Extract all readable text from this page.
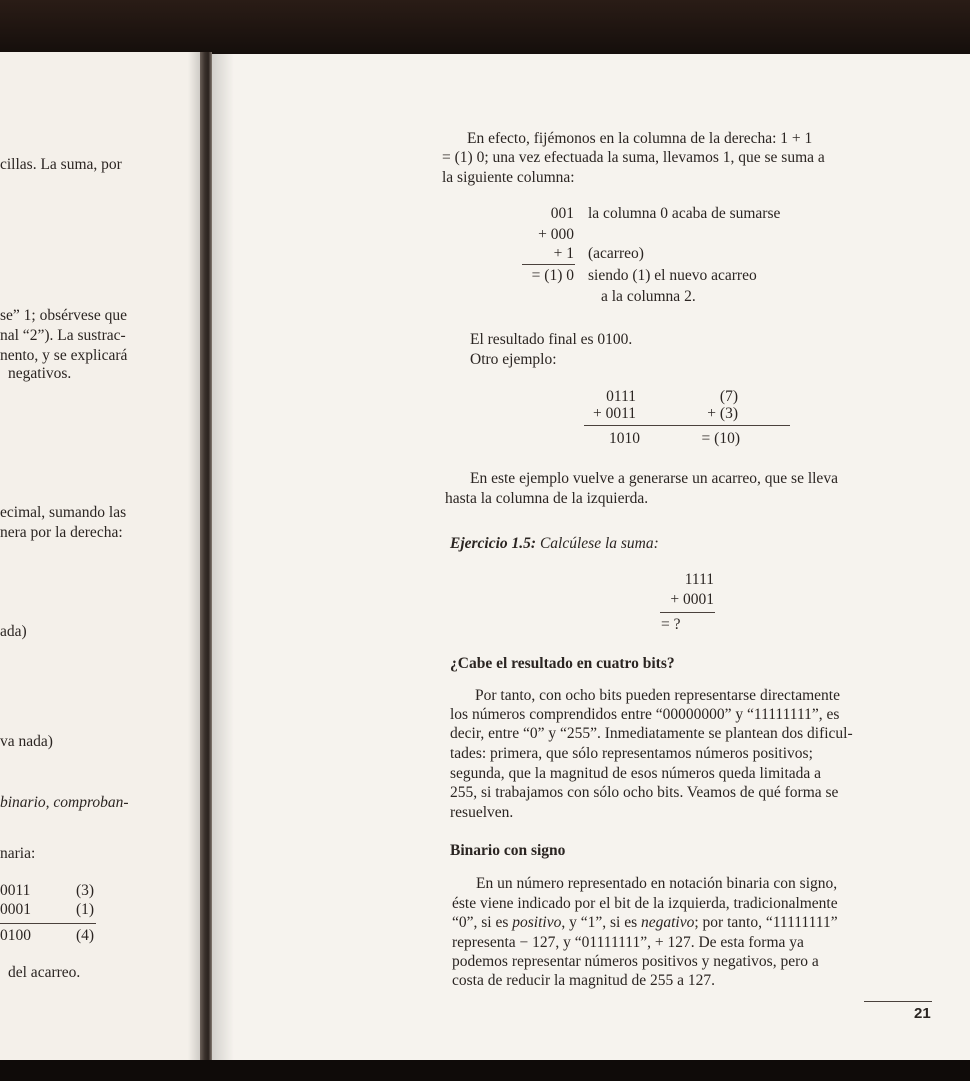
cillas. La suma, por
se” 1; obsérvese que
nal “2”). La sustrac-
nento, y se explicará
negativos.
ecimal, sumando las
nera por la derecha:
ada)
va nada)
binario, comproban-
naria:
0011	(3)
0001	(1)
0100	(4)
del acarreo.
En efecto, fijémonos en la columna de la derecha: 1 + 1
= (1) 0; una vez efectuada la suma, llevamos 1, que se suma a
la siguiente columna:
001 la columna 0 acaba de sumarse
+ 000
+ 1 (acarreo)
= (1) 0 siendo (1) el nuevo acarreo
a la columna 2.
El resultado final es 0100.
Otro ejemplo:
0111	(7)
+ 0011	+ (3)
1010	= (10)
En este ejemplo vuelve a generarse un acarreo, que se lleva
hasta la columna de la izquierda.
Ejercicio 1.5: Calcúlese la suma:
1111
+ 0001
= ?
¿Cabe el resultado en cuatro bits?
Por tanto, con ocho bits pueden representarse directamente
los números comprendidos entre “00000000” y “11111111”, es
decir, entre “0” y “255”. Inmediatamente se plantean dos dificul-
tades: primera, que sólo representamos números positivos;
segunda, que la magnitud de esos números queda limitada a
255, si trabajamos con sólo ocho bits. Veamos de qué forma se
resuelven.
Binario con signo
En un número representado en notación binaria con signo,
éste viene indicado por el bit de la izquierda, tradicionalmente
“0”, si es positivo, y “1”, si es negativo; por tanto, “11111111”
representa − 127, y “01111111”, + 127. De esta forma ya
podemos representar números positivos y negativos, pero a
costa de reducir la magnitud de 255 a 127.
21
